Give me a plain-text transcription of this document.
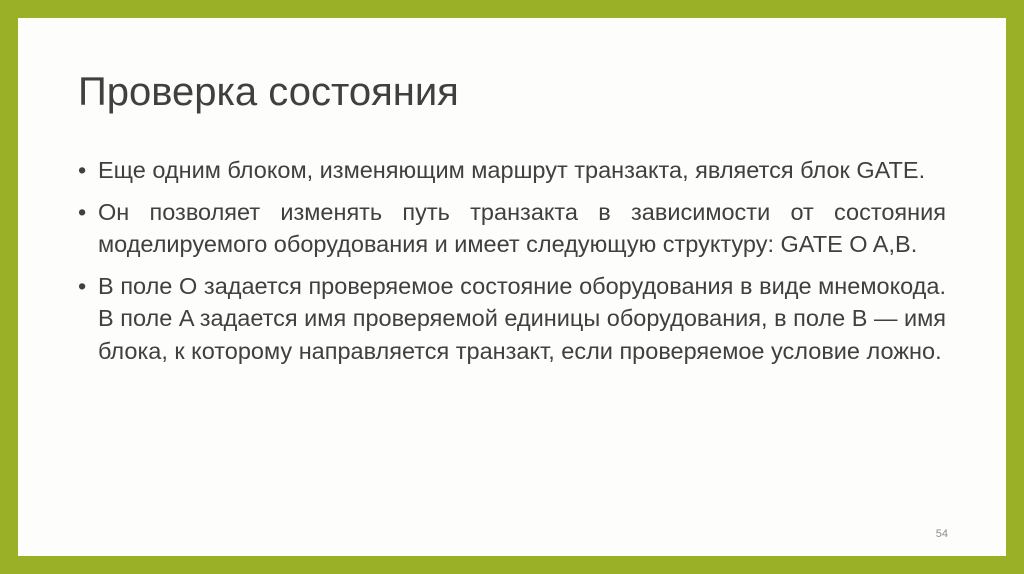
Проверка состояния
• Еще одним блоком, изменяющим маршрут транзакта, является блок GATE.
• Он позволяет изменять путь транзакта в зависимости от состояния моделируемого оборудования и имеет следующую структуру: GATE O A,B.
• В поле O задается проверяемое состояние оборудования в виде мнемокода. В поле A задается имя проверяемой единицы оборудования, в поле B — имя блока, к которому направляется транзакт, если проверяемое условие ложно.
54
